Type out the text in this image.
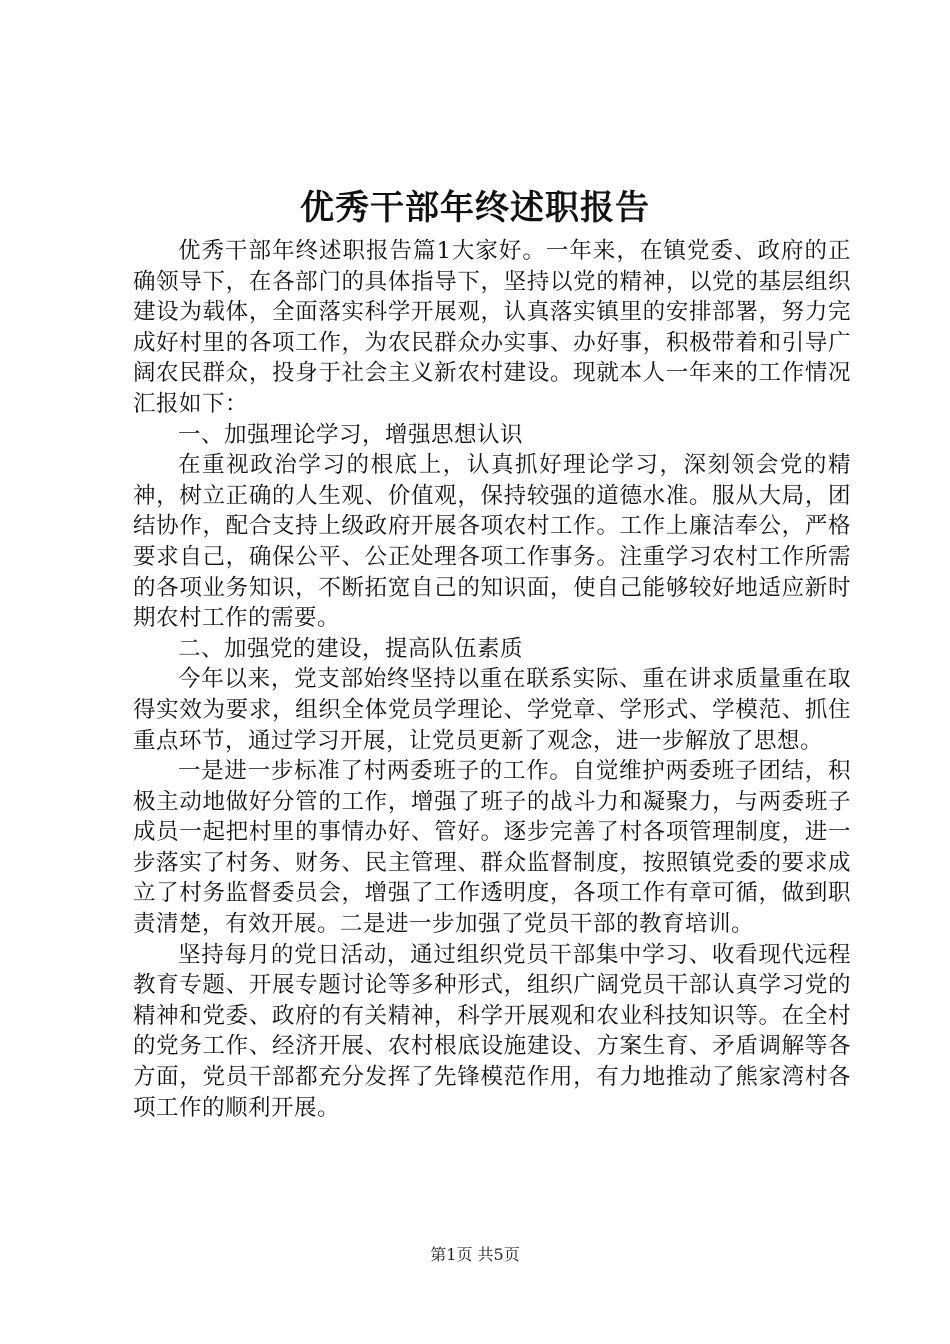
优秀干部年终述职报告

优秀干部年终述职报告篇1大家好。一年来，在镇党委、政府的正确领导下，在各部门的具体指导下，坚持以党的精神，以党的基层组织建设为载体，全面落实科学开展观，认真落实镇里的安排部署，努力完成好村里的各项工作，为农民群众办实事、办好事，积极带着和引导广阔农民群众，投身于社会主义新农村建设。现就本人一年来的工作情况汇报如下：

一、加强理论学习，增强思想认识

在重视政治学习的根底上，认真抓好理论学习，深刻领会党的精神，树立正确的人生观、价值观，保持较强的道德水准。服从大局，团结协作，配合支持上级政府开展各项农村工作。工作上廉洁奉公，严格要求自己，确保公平、公正处理各项工作事务。注重学习农村工作所需的各项业务知识，不断拓宽自己的知识面，使自己能够较好地适应新时期农村工作的需要。

二、加强党的建设，提高队伍素质

今年以来，党支部始终坚持以重在联系实际、重在讲求质量重在取得实效为要求，组织全体党员学理论、学党章、学形式、学模范、抓住重点环节，通过学习开展，让党员更新了观念，进一步解放了思想。

一是进一步标准了村两委班子的工作。自觉维护两委班子团结，积极主动地做好分管的工作，增强了班子的战斗力和凝聚力，与两委班子成员一起把村里的事情办好、管好。逐步完善了村各项管理制度，进一步落实了村务、财务、民主管理、群众监督制度，按照镇党委的要求成立了村务监督委员会，增强了工作透明度，各项工作有章可循，做到职责清楚，有效开展。二是进一步加强了党员干部的教育培训。

坚持每月的党日活动，通过组织党员干部集中学习、收看现代远程教育专题、开展专题讨论等多种形式，组织广阔党员干部认真学习党的精神和党委、政府的有关精神，科学开展观和农业科技知识等。在全村的党务工作、经济开展、农村根底设施建设、方案生育、矛盾调解等各方面，党员干部都充分发挥了先锋模范作用，有力地推动了熊家湾村各项工作的顺利开展。

第1页 共5页
